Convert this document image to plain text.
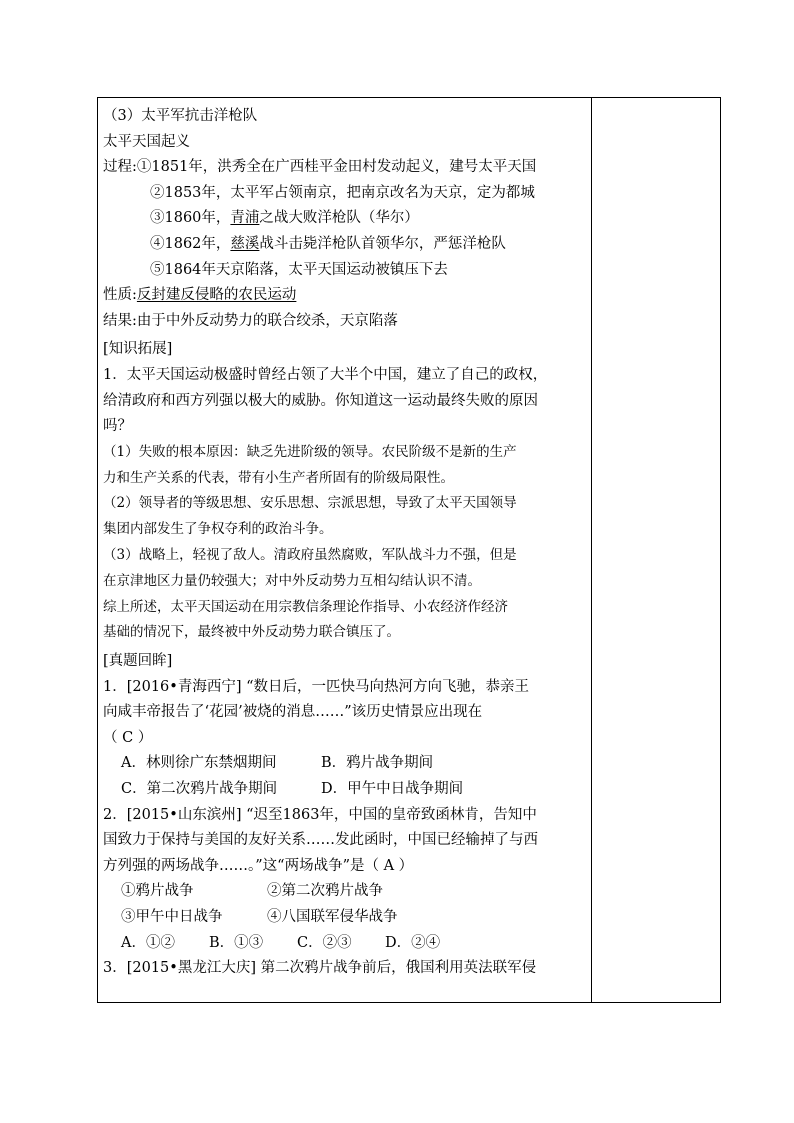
（3）太平军抗击洋枪队
太平天国起义
过程:①1851年，洪秀全在广西桂平金田村发动起义，建号太平天国
②1853年，太平军占领南京，把南京改名为天京，定为都城
③1860年，青浦之战大败洋枪队（华尔）
④1862年，慈溪战斗击毙洋枪队首领华尔，严惩洋枪队
⑤1864年天京陷落，太平天国运动被镇压下去
性质:反封建反侵略的农民运动
结果:由于中外反动势力的联合绞杀，天京陷落
[知识拓展]
1．太平天国运动极盛时曾经占领了大半个中国，建立了自己的政权，
给清政府和西方列强以极大的威胁。你知道这一运动最终失败的原因
吗？
（1）失败的根本原因：缺乏先进阶级的领导。农民阶级不是新的生产
力和生产关系的代表，带有小生产者所固有的阶级局限性。
（2）领导者的等级思想、安乐思想、宗派思想，导致了太平天国领导
集团内部发生了争权夺利的政治斗争。
（3）战略上，轻视了敌人。清政府虽然腐败，军队战斗力不强，但是
在京津地区力量仍较强大；对中外反动势力互相勾结认识不清。
综上所述，太平天国运动在用宗教信条理论作指导、小农经济作经济
基础的情况下，最终被中外反动势力联合镇压了。
[真题回眸]
1．[2016•青海西宁] “数日后，一匹快马向热河方向飞驰，恭亲王
向咸丰帝报告了‘花园’被烧的消息……”该历史情景应出现在
（ C ）
A．林则徐广东禁烟期间	B．鸦片战争期间
C．第二次鸦片战争期间	D．甲午中日战争期间
2．[2015•山东滨州] “迟至1863年，中国的皇帝致函林肯，告知中
国致力于保持与美国的友好关系……发此函时，中国已经输掉了与西
方列强的两场战争……。”这“两场战争”是（ A ）
①鸦片战争	②第二次鸦片战争
③甲午中日战争	④八国联军侵华战争
A．①② B．①③ C．②③ D．②④
3．[2015•黑龙江大庆] 第二次鸦片战争前后，俄国利用英法联军侵
